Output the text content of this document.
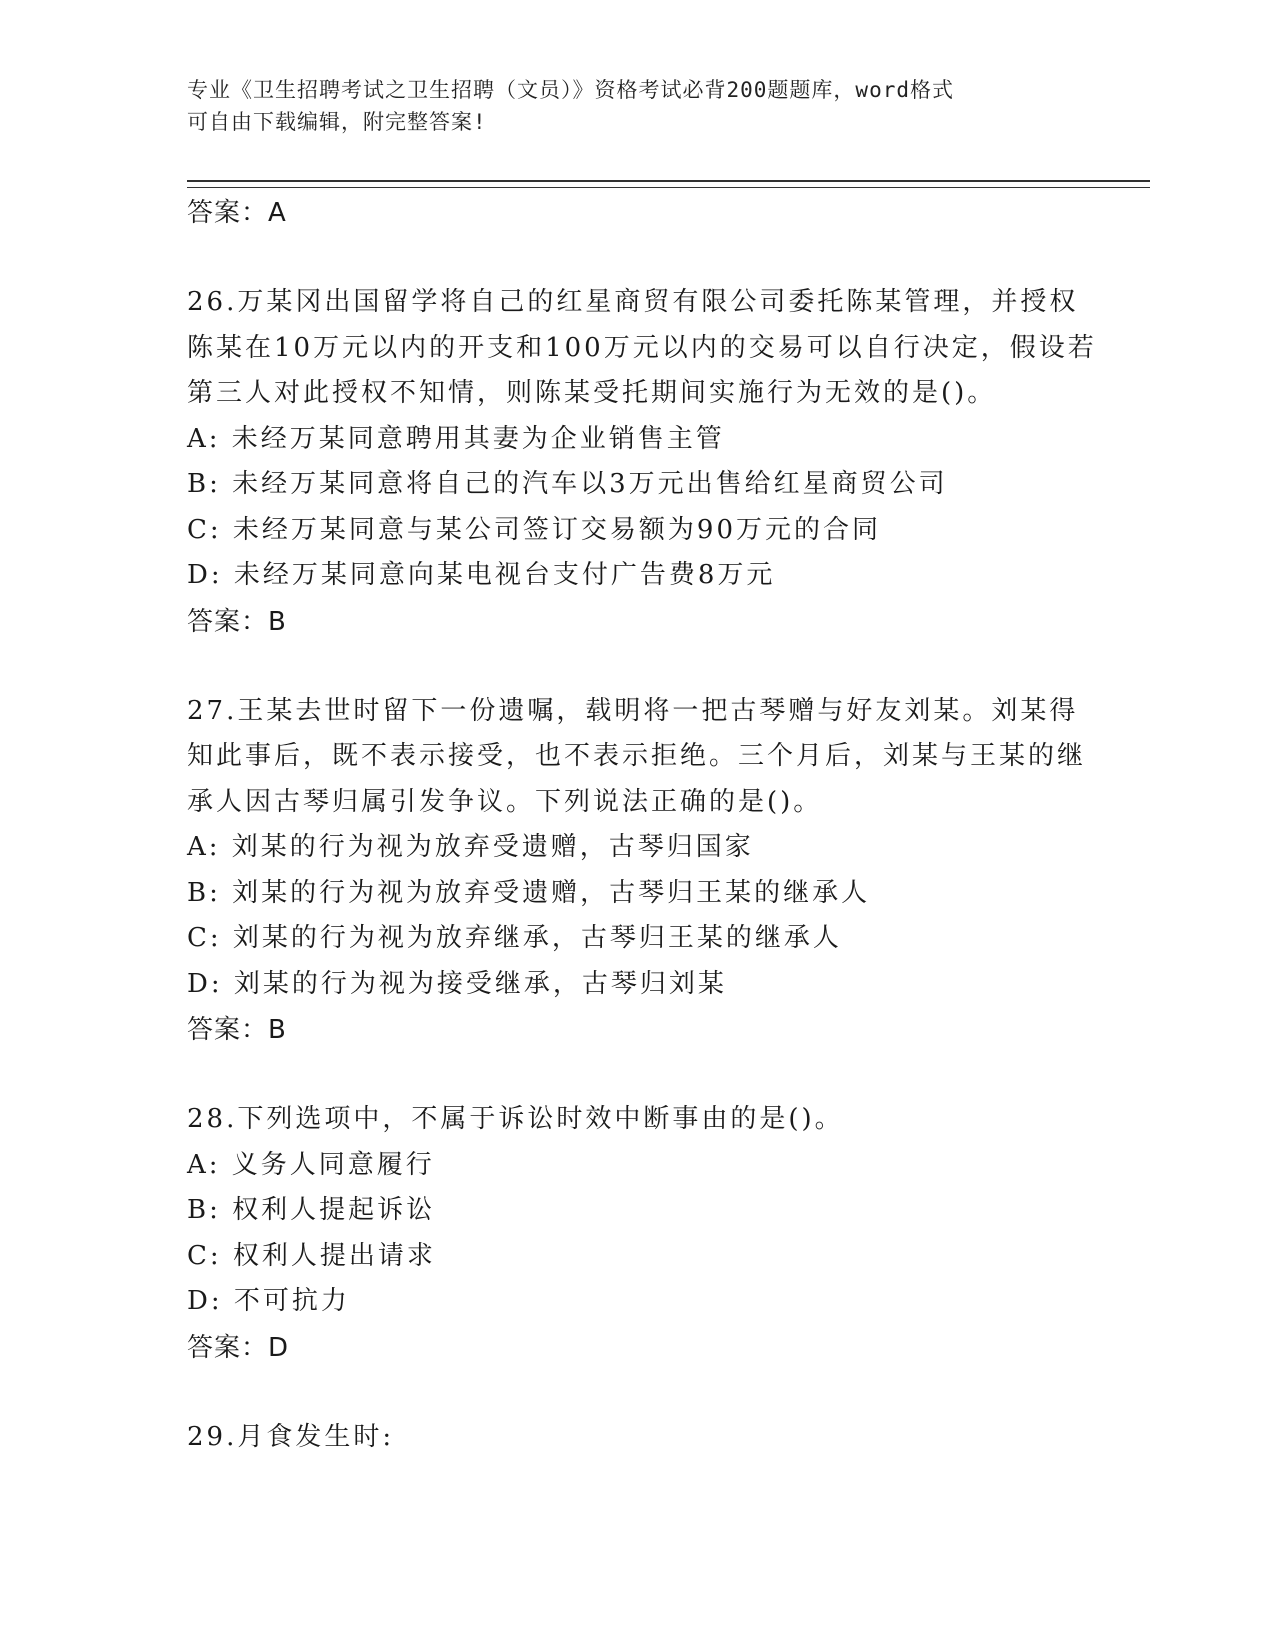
专业《卫生招聘考试之卫生招聘（文员）》资格考试必背200题题库，word格式
可自由下载编辑，附完整答案!
答案：A
26.万某冈出国留学将自己的红星商贸有限公司委托陈某管理，并授权陈某在10万元以内的开支和100万元以内的交易可以自行决定，假设若第三人对此授权不知情，则陈某受托期间实施行为无效的是()。
A: 未经万某同意聘用其妻为企业销售主管
B: 未经万某同意将自己的汽车以3万元出售给红星商贸公司
C: 未经万某同意与某公司签订交易额为90万元的合同
D: 未经万某同意向某电视台支付广告费8万元
答案：B
27.王某去世时留下一份遗嘱，载明将一把古琴赠与好友刘某。刘某得知此事后，既不表示接受，也不表示拒绝。三个月后，刘某与王某的继承人因古琴归属引发争议。下列说法正确的是()。
A: 刘某的行为视为放弃受遗赠，古琴归国家
B: 刘某的行为视为放弃受遗赠，古琴归王某的继承人
C: 刘某的行为视为放弃继承，古琴归王某的继承人
D: 刘某的行为视为接受继承，古琴归刘某
答案：B
28.下列选项中，不属于诉讼时效中断事由的是()。
A: 义务人同意履行
B: 权利人提起诉讼
C: 权利人提出请求
D: 不可抗力
答案：D
29.月食发生时:
